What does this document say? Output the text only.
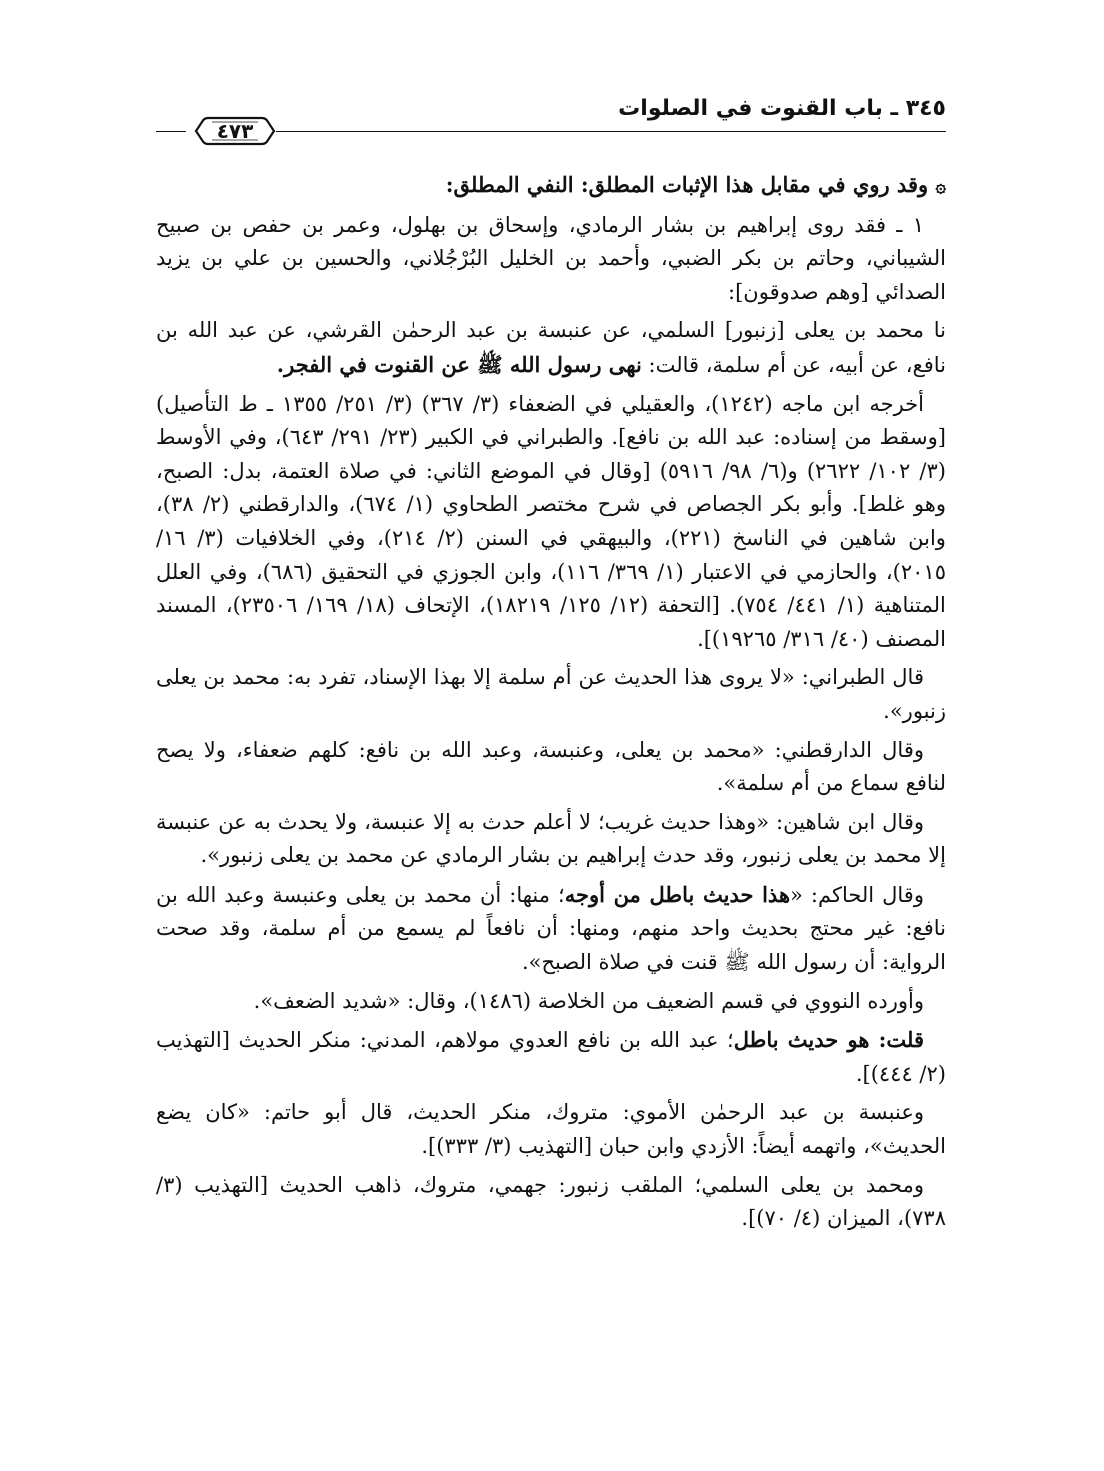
٣٤٥ ـ باب القنوت في الصلوات
٤٧٣

۞ وقد روي في مقابل هذا الإثبات المطلق: النفي المطلق:

١ ـ فقد روى إبراهيم بن بشار الرمادي، وإسحاق بن بهلول، وعمر بن حفص بن صبيح الشيباني، وحاتم بن بكر الضبي، وأحمد بن الخليل البُرْجُلاني، والحسين بن علي بن يزيد الصدائي [وهم صدوقون]:

نا محمد بن يعلى [زنبور] السلمي، عن عنبسة بن عبد الرحمٰن القرشي، عن عبد الله بن نافع، عن أبيه، عن أم سلمة، قالت: نهى رسول الله ﷺ عن القنوت في الفجر.

أخرجه ابن ماجه (١٢٤٢)، والعقيلي في الضعفاء (٣/ ٣٦٧) (٣/ ٢٥١/ ١٣٥٥ ـ ط التأصيل) [وسقط من إسناده: عبد الله بن نافع]. والطبراني في الكبير (٢٣/ ٢٩١/ ٦٤٣)، وفي الأوسط (٣/ ١٠٢/ ٢٦٢٢) و(٦/ ٩٨/ ٥٩١٦) [وقال في الموضع الثاني: في صلاة العتمة، بدل: الصبح، وهو غلط]. وأبو بكر الجصاص في شرح مختصر الطحاوي (١/ ٦٧٤)، والدارقطني (٢/ ٣٨)، وابن شاهين في الناسخ (٢٢١)، والبيهقي في السنن (٢/ ٢١٤)، وفي الخلافيات (٣/ ١٦/ ٢٠١٥)، والحازمي في الاعتبار (١/ ٣٦٩/ ١١٦)، وابن الجوزي في التحقيق (٦٨٦)، وفي العلل المتناهية (١/ ٤٤١/ ٧٥٤). [التحفة (١٢/ ١٢٥/ ١٨٢١٩)، الإتحاف (١٨/ ١٦٩/ ٢٣٥٠٦)، المسند المصنف (٤٠/ ٣١٦/ ١٩٢٦٥)].

قال الطبراني: «لا يروى هذا الحديث عن أم سلمة إلا بهذا الإسناد، تفرد به: محمد بن يعلى زنبور».

وقال الدارقطني: «محمد بن يعلى، وعنبسة، وعبد الله بن نافع: كلهم ضعفاء، ولا يصح لنافع سماع من أم سلمة».

وقال ابن شاهين: «وهذا حديث غريب؛ لا أعلم حدث به إلا عنبسة، ولا يحدث به عن عنبسة إلا محمد بن يعلى زنبور، وقد حدث إبراهيم بن بشار الرمادي عن محمد بن يعلى زنبور».

وقال الحاكم: «هذا حديث باطل من أوجه؛ منها: أن محمد بن يعلى وعنبسة وعبد الله بن نافع: غير محتج بحديث واحد منهم، ومنها: أن نافعاً لم يسمع من أم سلمة، وقد صحت الرواية: أن رسول الله ﷺ قنت في صلاة الصبح».

وأورده النووي في قسم الضعيف من الخلاصة (١٤٨٦)، وقال: «شديد الضعف».

قلت: هو حديث باطل؛ عبد الله بن نافع العدوي مولاهم، المدني: منكر الحديث [التهذيب (٢/ ٤٤٤)].

وعنبسة بن عبد الرحمٰن الأموي: متروك، منكر الحديث، قال أبو حاتم: «كان يضع الحديث»، واتهمه أيضاً: الأزدي وابن حبان [التهذيب (٣/ ٣٣٣)].

ومحمد بن يعلى السلمي؛ الملقب زنبور: جهمي، متروك، ذاهب الحديث [التهذيب (٣/ ٧٣٨)، الميزان (٤/ ٧٠)].
